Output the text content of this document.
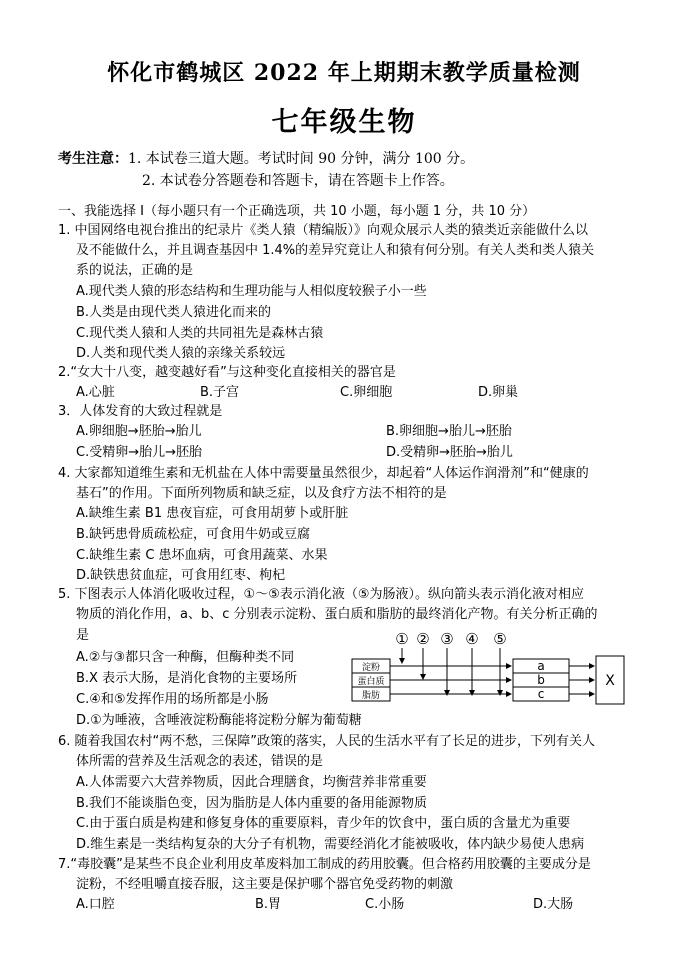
怀化市鹤城区 2022 年上期期末教学质量检测
七年级生物
考生注意：1. 本试卷三道大题。考试时间 90 分钟，满分 100 分。
2. 本试卷分答题卷和答题卡，请在答题卡上作答。
一、我能选择 Ⅰ（每小题只有一个正确选项，共 10 小题，每小题 1 分，共 10 分）
1. 中国网络电视台推出的纪录片《类人猿（精编版）》向观众展示人类的猿类近亲能做什么以
及不能做什么，并且调查基因中 1.4%的差异究竟让人和猿有何分别。有关人类和类人猿关
系的说法，正确的是
A.现代类人猿的形态结构和生理功能与人相似度较猴子小一些
B.人类是由现代类人猿进化而来的
C.现代类人猿和人类的共同祖先是森林古猿
D.人类和现代类人猿的亲缘关系较远
2.“女大十八变，越变越好看”与这种变化直接相关的器官是
A.心脏	B.子宫	C.卵细胞	D.卵巢
3．人体发育的大致过程就是
A.卵细胞→胚胎→胎儿	B.卵细胞→胎儿→胚胎
C.受精卵→胎儿→胚胎	D.受精卵→胚胎→胎儿
4. 大家都知道维生素和无机盐在人体中需要量虽然很少，却起着“人体运作润滑剂”和“健康的
基石”的作用。下面所列物质和缺乏症，以及食疗方法不相符的是
A.缺维生素 B1 患夜盲症，可食用胡萝卜或肝脏
B.缺钙患骨质疏松症，可食用牛奶或豆腐
C.缺维生素 C 患坏血病，可食用蔬菜、水果
D.缺铁患贫血症，可食用红枣、枸杞
5. 下图表示人体消化吸收过程，①～⑤表示消化液（⑤为肠液）。纵向箭头表示消化液对相应
物质的消化作用，a、b、c 分别表示淀粉、蛋白质和脂肪的最终消化产物。有关分析正确的
是
A.②与③都只含一种酶，但酶种类不同
B.X 表示大肠，是消化食物的主要场所
C.④和⑤发挥作用的场所都是小肠
D.①为唾液，含唾液淀粉酶能将淀粉分解为葡萄糖
① ② ③ ④ ⑤
淀粉
蛋白质
脂肪
a
b
c
X
6. 随着我国农村“两不愁，三保障”政策的落实，人民的生活水平有了长足的进步，下列有关人
体所需的营养及生活观念的表述，错误的是
A.人体需要六大营养物质，因此合理膳食，均衡营养非常重要
B.我们不能谈脂色变，因为脂肪是人体内重要的备用能源物质
C.由于蛋白质是构建和修复身体的重要原料，青少年的饮食中，蛋白质的含量尤为重要
D.维生素是一类结构复杂的大分子有机物，需要经消化才能被吸收，体内缺少易使人患病
7.“毒胶囊”是某些不良企业利用皮革废料加工制成的药用胶囊。但合格药用胶囊的主要成分是
淀粉，不经咀嚼直接吞服，这主要是保护哪个器官免受药物的刺激
A.口腔	B.胃	C.小肠	D.大肠
